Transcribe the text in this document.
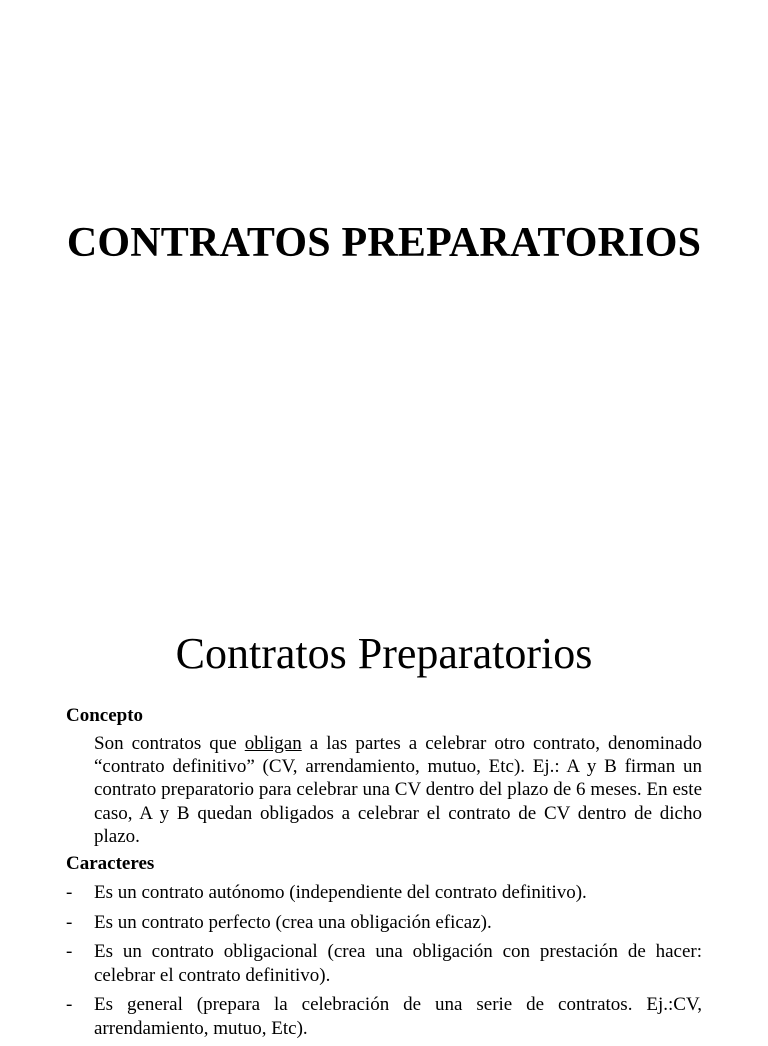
CONTRATOS PREPARATORIOS
Contratos Preparatorios
Concepto
Son contratos que obligan a las partes a celebrar otro contrato, denominado “contrato definitivo” (CV, arrendamiento, mutuo, Etc). Ej.: A y B firman un contrato preparatorio para celebrar una CV dentro del plazo de 6 meses. En este caso, A y B quedan obligados a celebrar el contrato de CV dentro de dicho plazo.
Caracteres
- Es un contrato autónomo (independiente del contrato definitivo).
- Es un contrato perfecto (crea una obligación eficaz).
- Es un contrato obligacional (crea una obligación con prestación de hacer: celebrar el contrato definitivo).
- Es general (prepara la celebración de una serie de contratos. Ej.:CV, arrendamiento, mutuo, Etc).
